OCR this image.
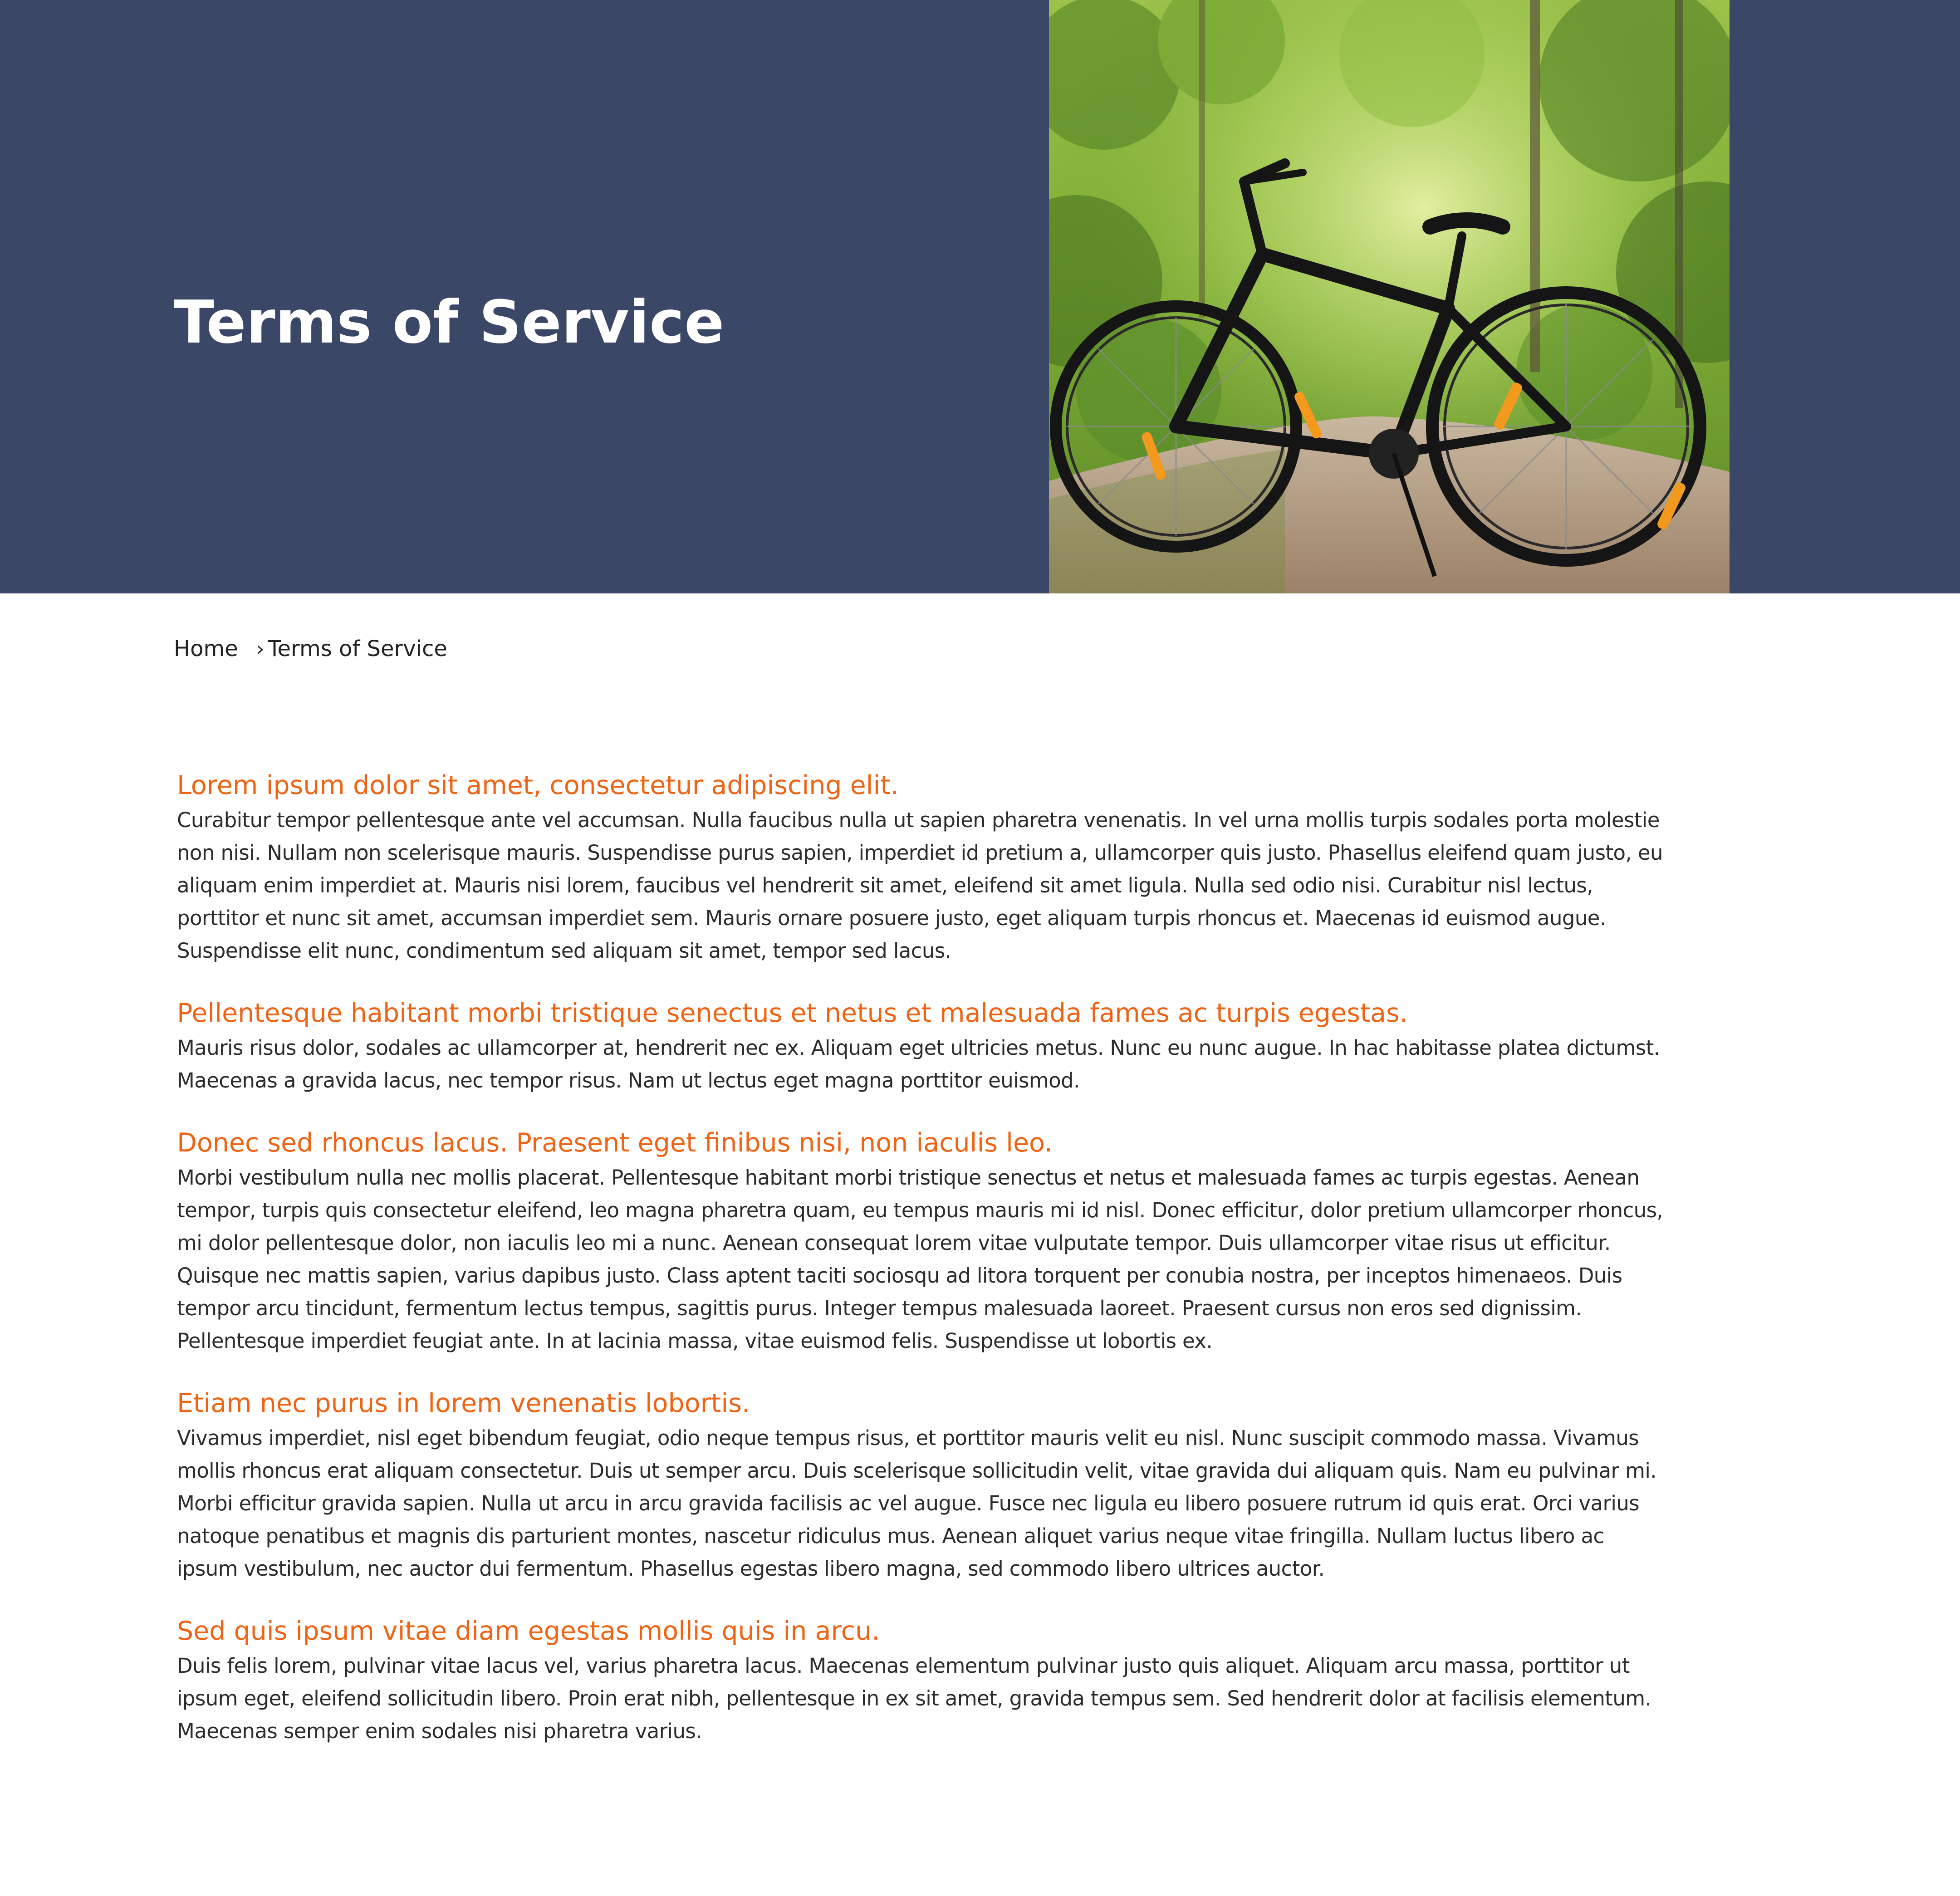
Terms of Service
Home › Terms of Service
Lorem ipsum dolor sit amet, consectetur adipiscing elit.

Curabitur tempor pellentesque ante vel accumsan. Nulla faucibus nulla ut sapien pharetra venenatis. In vel urna mollis turpis sodales porta molestie non nisi. Nullam non scelerisque mauris. Suspendisse purus sapien, imperdiet id pretium a, ullamcorper quis justo. Phasellus eleifend quam justo, eu aliquam enim imperdiet at. Mauris nisi lorem, faucibus vel hendrerit sit amet, eleifend sit amet ligula. Nulla sed odio nisi. Curabitur nisl lectus, porttitor et nunc sit amet, accumsan imperdiet sem. Mauris ornare posuere justo, eget aliquam turpis rhoncus et. Maecenas id euismod augue. Suspendisse elit nunc, condimentum sed aliquam sit amet, tempor sed lacus.

Pellentesque habitant morbi tristique senectus et netus et malesuada fames ac turpis egestas.

Mauris risus dolor, sodales ac ullamcorper at, hendrerit nec ex. Aliquam eget ultricies metus. Nunc eu nunc augue. In hac habitasse platea dictumst. Maecenas a gravida lacus, nec tempor risus. Nam ut lectus eget magna porttitor euismod.

Donec sed rhoncus lacus. Praesent eget finibus nisi, non iaculis leo.

Morbi vestibulum nulla nec mollis placerat. Pellentesque habitant morbi tristique senectus et netus et malesuada fames ac turpis egestas. Aenean tempor, turpis quis consectetur eleifend, leo magna pharetra quam, eu tempus mauris mi id nisl. Donec efficitur, dolor pretium ullamcorper rhoncus, mi dolor pellentesque dolor, non iaculis leo mi a nunc. Aenean consequat lorem vitae vulputate tempor. Duis ullamcorper vitae risus ut efficitur. Quisque nec mattis sapien, varius dapibus justo. Class aptent taciti sociosqu ad litora torquent per conubia nostra, per inceptos himenaeos. Duis tempor arcu tincidunt, fermentum lectus tempus, sagittis purus. Integer tempus malesuada laoreet. Praesent cursus non eros sed dignissim. Pellentesque imperdiet feugiat ante. In at lacinia massa, vitae euismod felis. Suspendisse ut lobortis ex.

Etiam nec purus in lorem venenatis lobortis.

Vivamus imperdiet, nisl eget bibendum feugiat, odio neque tempus risus, et porttitor mauris velit eu nisl. Nunc suscipit commodo massa. Vivamus mollis rhoncus erat aliquam consectetur. Duis ut semper arcu. Duis scelerisque sollicitudin velit, vitae gravida dui aliquam quis. Nam eu pulvinar mi. Morbi efficitur gravida sapien. Nulla ut arcu in arcu gravida facilisis ac vel augue. Fusce nec ligula eu libero posuere rutrum id quis erat. Orci varius natoque penatibus et magnis dis parturient montes, nascetur ridiculus mus. Aenean aliquet varius neque vitae fringilla. Nullam luctus libero ac ipsum vestibulum, nec auctor dui fermentum. Phasellus egestas libero magna, sed commodo libero ultrices auctor.

Sed quis ipsum vitae diam egestas mollis quis in arcu.

Duis felis lorem, pulvinar vitae lacus vel, varius pharetra lacus. Maecenas elementum pulvinar justo quis aliquet. Aliquam arcu massa, porttitor ut ipsum eget, eleifend sollicitudin libero. Proin erat nibh, pellentesque in ex sit amet, gravida tempus sem. Sed hendrerit dolor at facilisis elementum. Maecenas semper enim sodales nisi pharetra varius.
